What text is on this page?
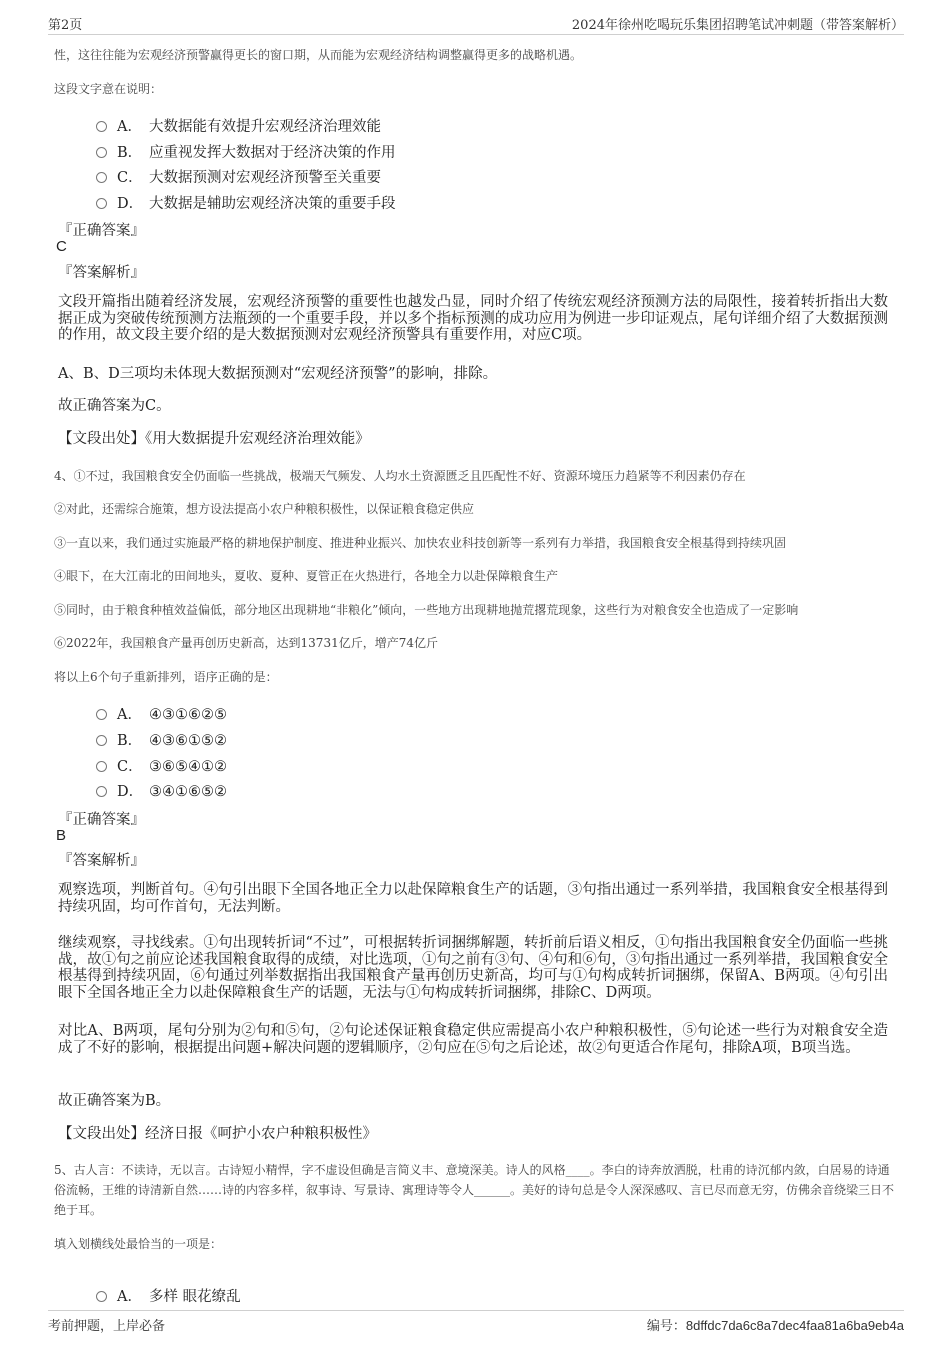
第2页	2024年徐州吃喝玩乐集团招聘笔试冲刺题（带答案解析）
性，这往往能为宏观经济预警赢得更长的窗口期，从而能为宏观经济结构调整赢得更多的战略机遇。
这段文字意在说明：
A． 大数据能有效提升宏观经济治理效能
B． 应重视发挥大数据对于经济决策的作用
C． 大数据预测对宏观经济预警至关重要
D． 大数据是辅助宏观经济决策的重要手段
『正确答案』
C
『答案解析』
文段开篇指出随着经济发展，宏观经济预警的重要性也越发凸显，同时介绍了传统宏观经济预测方法的局限性，接着转折指出大数据正成为突破传统预测方法瓶颈的一个重要手段，并以多个指标预测的成功应用为例进一步印证观点，尾句详细介绍了大数据预测的作用，故文段主要介绍的是大数据预测对宏观经济预警具有重要作用，对应C项。
A、B、D三项均未体现大数据预测对“宏观经济预警”的影响，排除。
故正确答案为C。
【文段出处】《用大数据提升宏观经济治理效能》
4、①不过，我国粮食安全仍面临一些挑战，极端天气频发、人均水土资源匮乏且匹配性不好、资源环境压力趋紧等不利因素仍存在
②对此，还需综合施策，想方设法提高小农户种粮积极性，以保证粮食稳定供应
③一直以来，我们通过实施最严格的耕地保护制度、推进种业振兴、加快农业科技创新等一系列有力举措，我国粮食安全根基得到持续巩固
④眼下，在大江南北的田间地头，夏收、夏种、夏管正在火热进行，各地全力以赴保障粮食生产
⑤同时，由于粮食种植效益偏低，部分地区出现耕地“非粮化”倾向，一些地方出现耕地抛荒撂荒现象，这些行为对粮食安全也造成了一定影响
⑥2022年，我国粮食产量再创历史新高，达到13731亿斤，增产74亿斤
将以上6个句子重新排列，语序正确的是：
A． ④③①⑥②⑤
B． ④③⑥①⑤②
C． ③⑥⑤④①②
D． ③④①⑥⑤②
『正确答案』
B
『答案解析』
观察选项，判断首句。④句引出眼下全国各地正全力以赴保障粮食生产的话题，③句指出通过一系列举措，我国粮食安全根基得到持续巩固，均可作首句，无法判断。
继续观察，寻找线索。①句出现转折词“不过”，可根据转折词捆绑解题，转折前后语义相反，①句指出我国粮食安全仍面临一些挑战，故①句之前应论述我国粮食取得的成绩，对比选项，①句之前有③句、④句和⑥句，③句指出通过一系列举措，我国粮食安全根基得到持续巩固，⑥句通过列举数据指出我国粮食产量再创历史新高，均可与①句构成转折词捆绑，保留A、B两项。④句引出眼下全国各地正全力以赴保障粮食生产的话题，无法与①句构成转折词捆绑，排除C、D两项。
对比A、B两项，尾句分别为②句和⑤句，②句论述保证粮食稳定供应需提高小农户种粮积极性，⑤句论述一些行为对粮食安全造成了不好的影响，根据提出问题+解决问题的逻辑顺序，②句应在⑤句之后论述，故②句更适合作尾句，排除A项，B项当选。
故正确答案为B。
【文段出处】经济日报《呵护小农户种粮积极性》
5、古人言：不读诗，无以言。古诗短小精悍，字不虚设但确是言简义丰、意境深美。诗人的风格____。李白的诗奔放洒脱，杜甫的诗沉郁内敛，白居易的诗通俗流畅，王维的诗清新自然……诗的内容多样，叙事诗、写景诗、寓理诗等令人______。美好的诗句总是令人深深感叹、言已尽而意无穷，仿佛余音绕梁三日不绝于耳。
填入划横线处最恰当的一项是：
A． 多样 眼花缭乱
考前押题，上岸必备	编号：8dffdc7da6c8a7dec4faa81a6ba9eb4a
